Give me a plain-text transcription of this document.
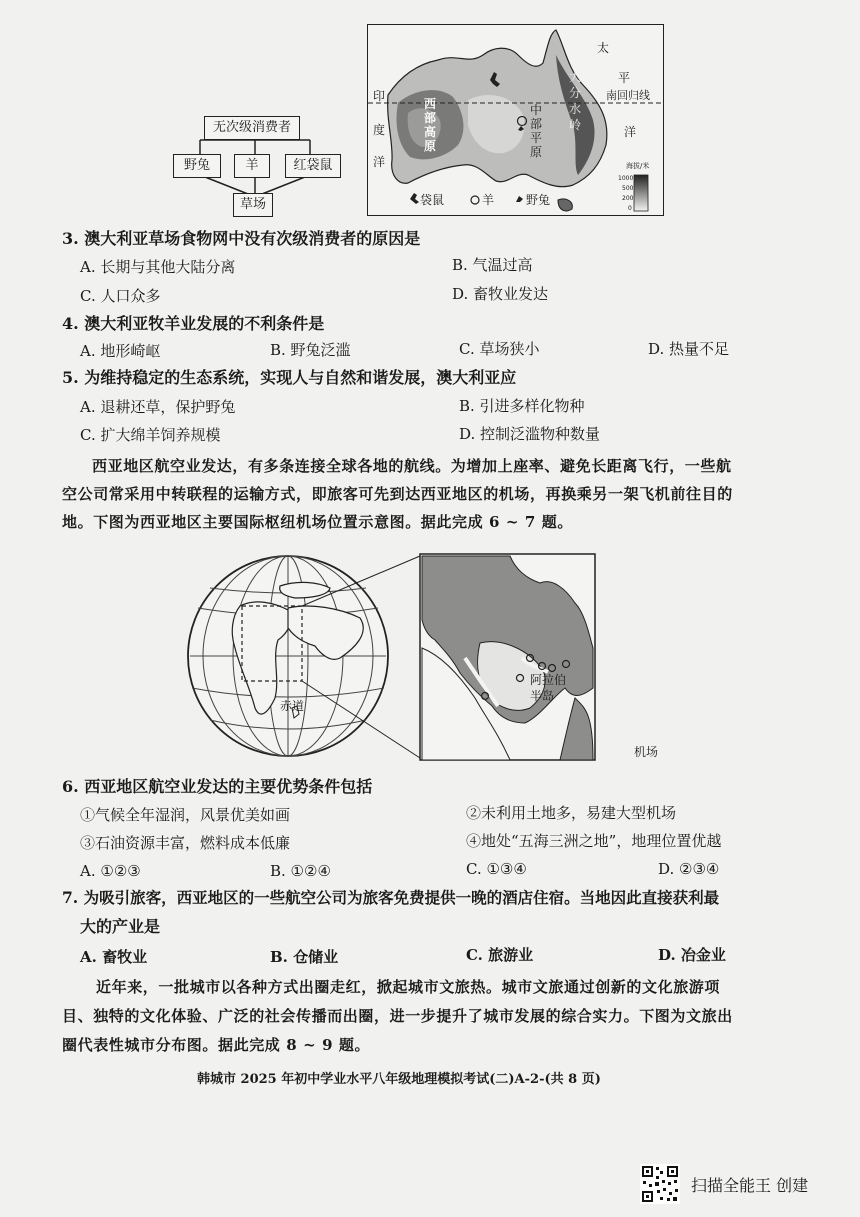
无次级消费者
野兔	羊	红袋鼠
草场
太
平
南回归线
洋
印
度
洋
西部高原
中部平原
大分水岭
海拔/米
1000
500
200
0
袋鼠	羊	野兔
3. 澳大利亚草场食物网中没有次级消费者的原因是
A. 长期与其他大陆分离	B. 气温过高
C. 人口众多	D. 畜牧业发达
4. 澳大利亚牧羊业发展的不利条件是
A. 地形崎岖	B. 野兔泛滥	C. 草场狭小	D. 热量不足
5. 为维持稳定的生态系统，实现人与自然和谐发展，澳大利亚应
A. 退耕还草，保护野兔	B. 引进多样化物种
C. 扩大绵羊饲养规模	D. 控制泛滥物种数量
西亚地区航空业发达，有多条连接全球各地的航线。为增加上座率、避免长距离飞行，一些航
空公司常采用中转联程的运输方式，即旅客可先到达西亚地区的机场，再换乘另一架飞机前往目的
地。下图为西亚地区主要国际枢纽机场位置示意图。据此完成 6 ~ 7 题。
赤道
阿拉伯半岛
机场
6. 西亚地区航空业发达的主要优势条件包括
①气候全年湿润，风景优美如画	②未利用土地多，易建大型机场
③石油资源丰富，燃料成本低廉	④地处“五海三洲之地”，地理位置优越
A. ①②③	B. ①②④	C. ①③④	D. ②③④
7. 为吸引旅客，西亚地区的一些航空公司为旅客免费提供一晚的酒店住宿。当地因此直接获利最
大的产业是
A. 畜牧业	B. 仓储业	C. 旅游业	D. 冶金业
近年来，一批城市以各种方式出圈走红，掀起城市文旅热。城市文旅通过创新的文化旅游项
目、独特的文化体验、广泛的社会传播而出圈，进一步提升了城市发展的综合实力。下图为文旅出
圈代表性城市分布图。据此完成 8 ~ 9 题。
韩城市 2025 年初中学业水平八年级地理模拟考试(二)A-2-(共 8 页)
扫描全能王 创建
